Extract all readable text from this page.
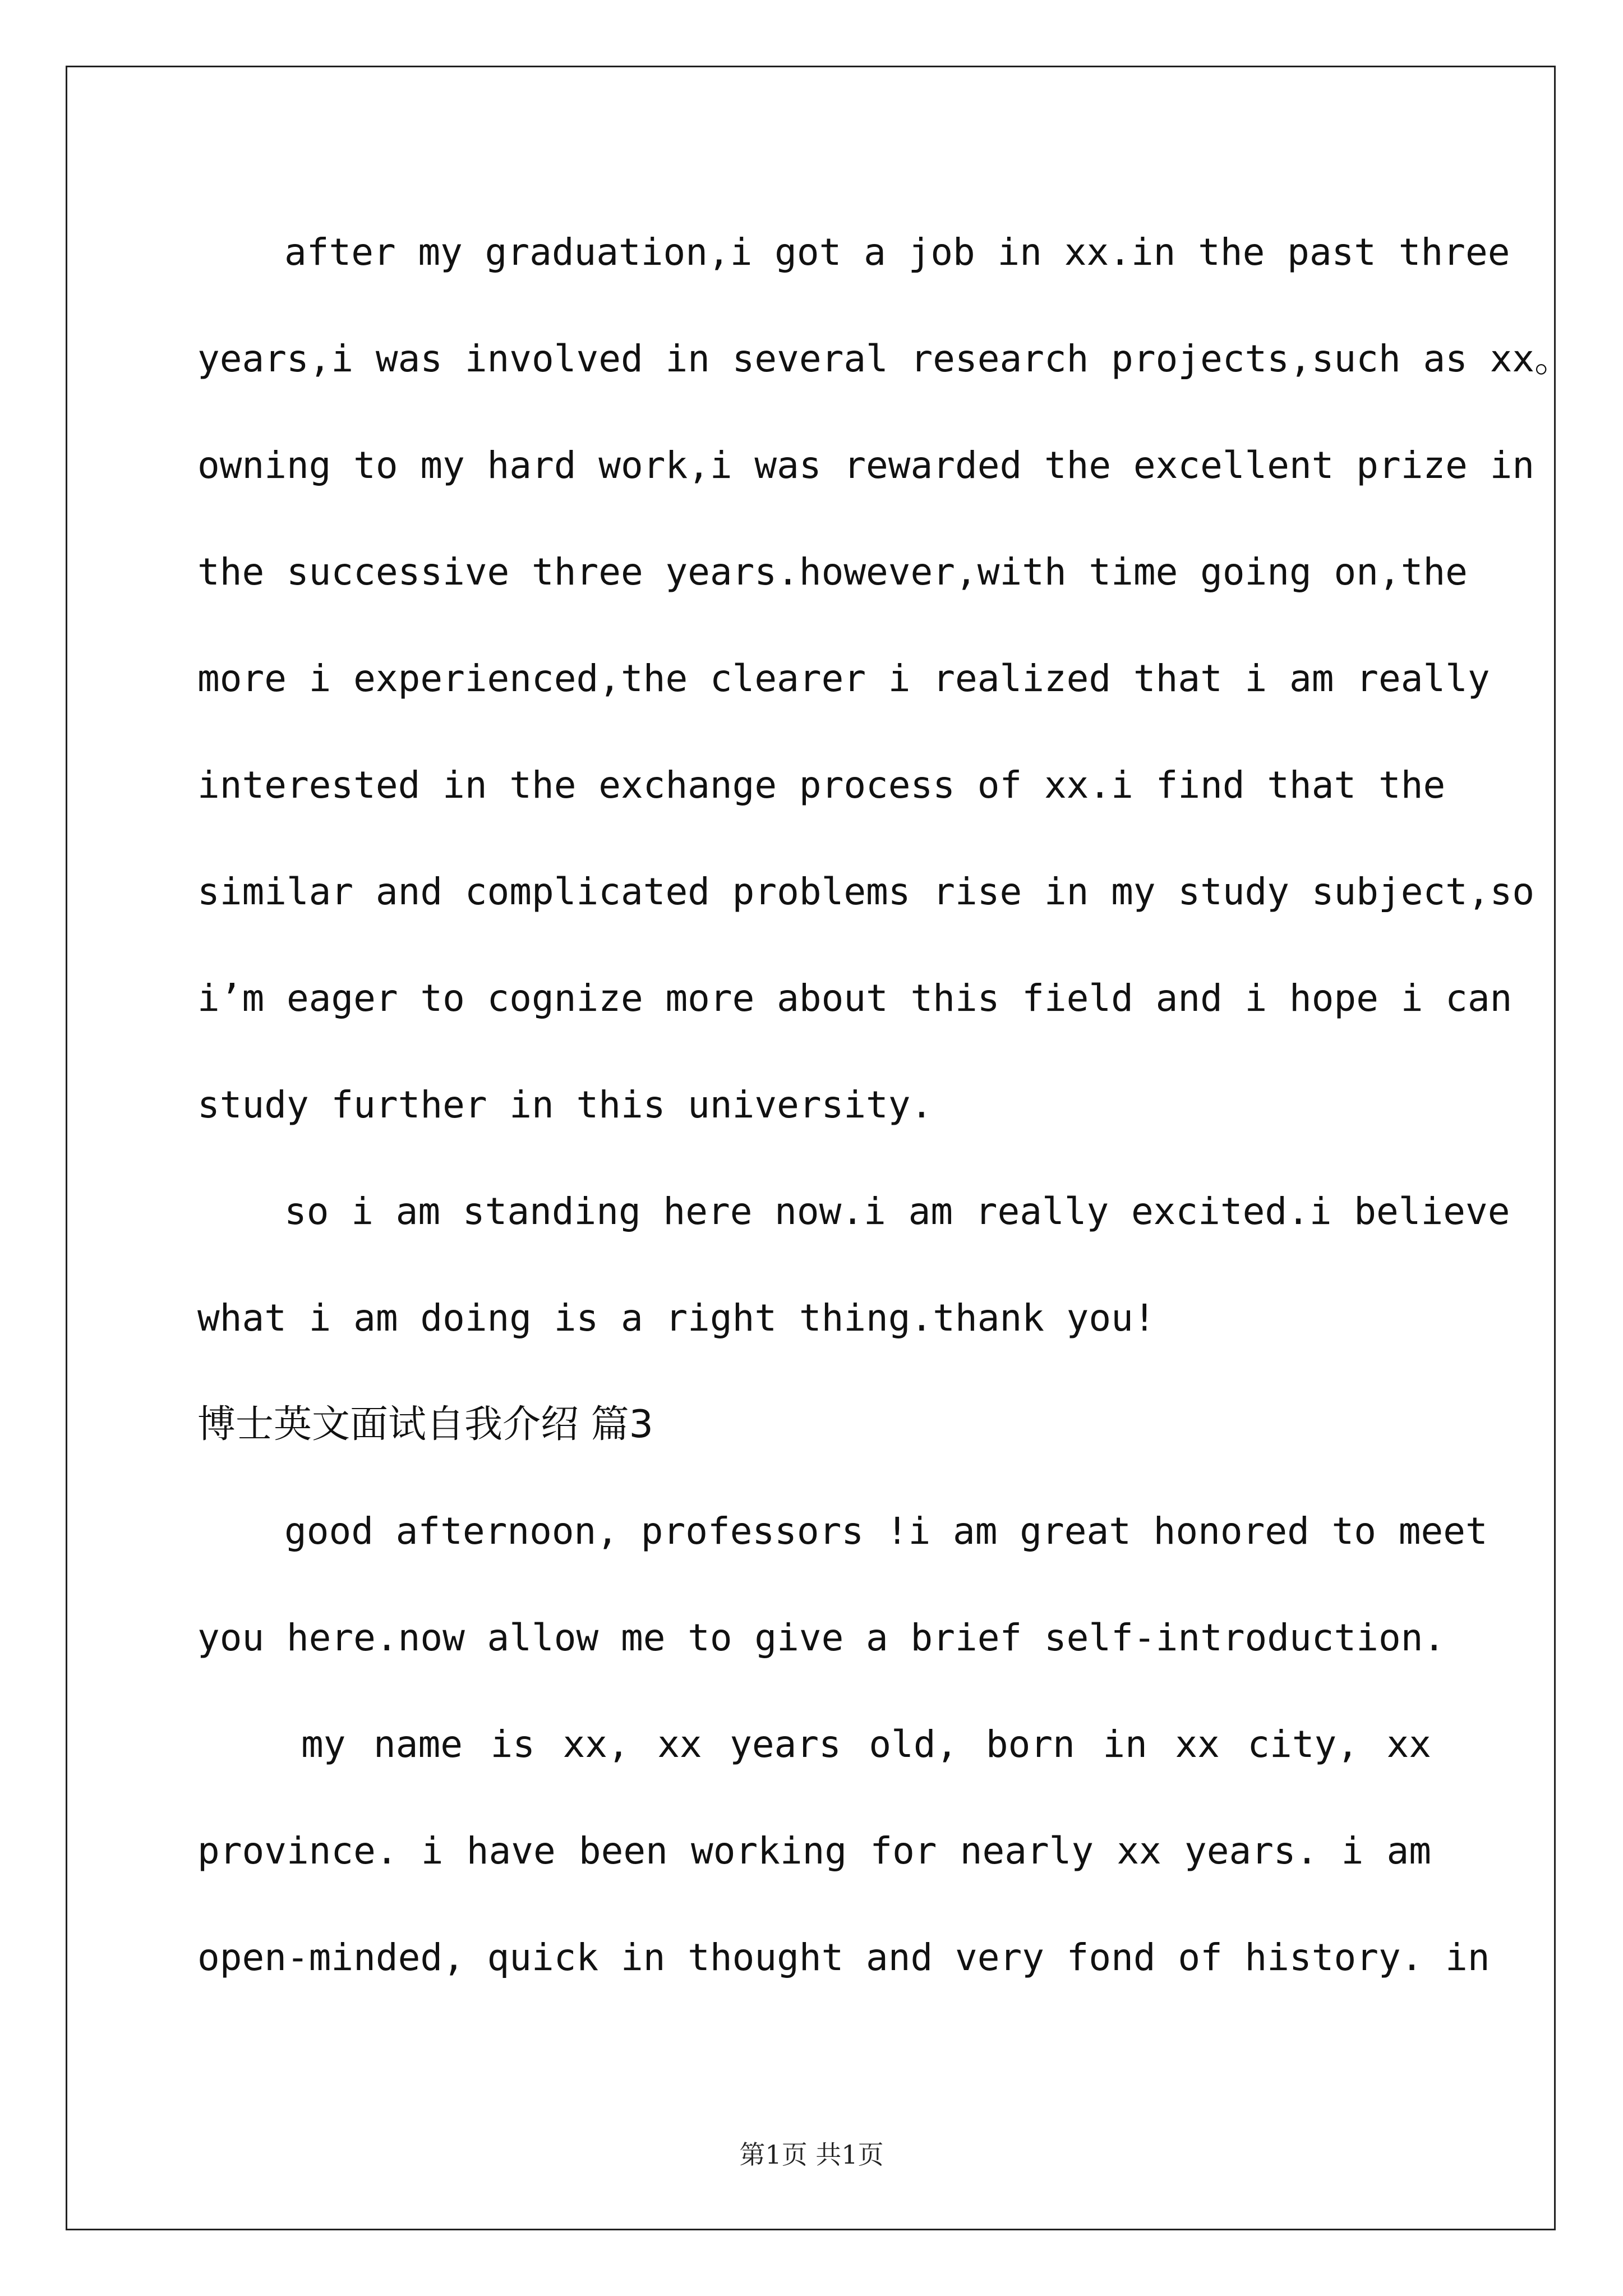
after my graduation,i got a job in xx.in the past three
years,i was involved in several research projects,such as xx。
owning to my hard work,i was rewarded the excellent prize in
the successive three years.however,with time going on,the
more i experienced,the clearer i realized that i am really
interested in the exchange process of xx.i find that the
similar and complicated problems rise in my study subject,so
i’m eager to cognize more about this field and i hope i can
study further in this university.
so i am standing here now.i am really excited.i believe
what i am doing is a right thing.thank you!
博士英文面试自我介绍 篇3
good afternoon, professors !i am great honored to meet
you here.now allow me to give a brief self-introduction.
my name is xx, xx years old, born in xx city, xx
province. i have been working for nearly xx years. i am
open-minded, quick in thought and very fond of history. in
第1页 共1页
